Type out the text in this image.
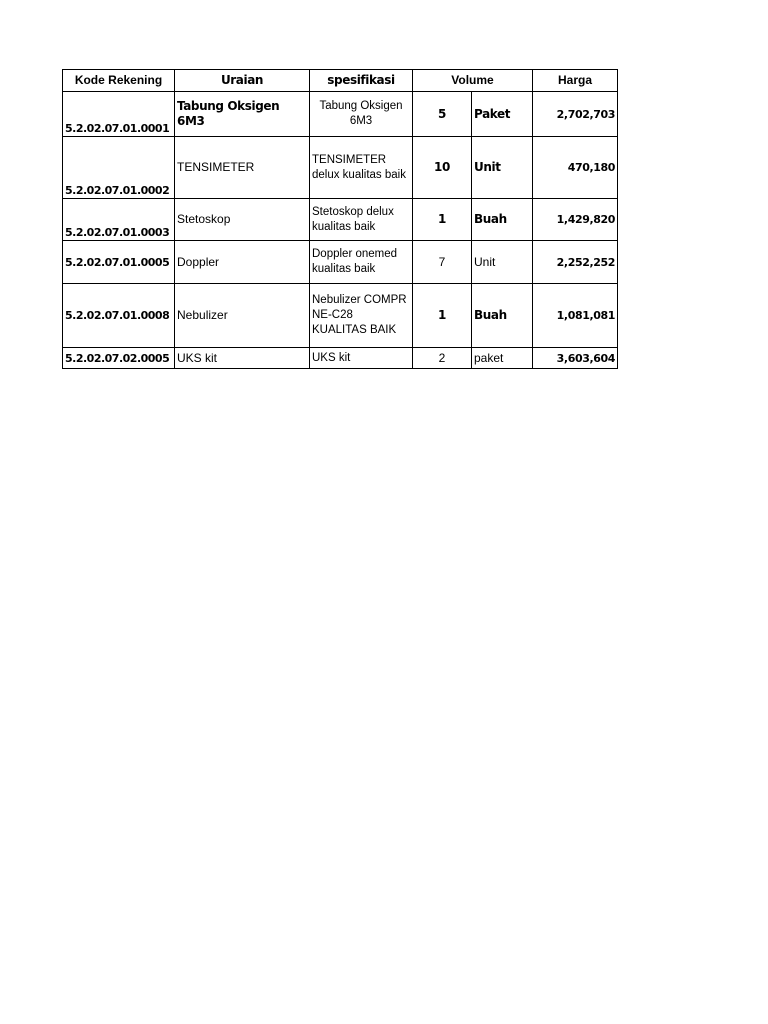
Kode Rekening	Uraian	spesifikasi	Volume		Harga
5.2.02.07.01.0001	Tabung Oksigen 6M3	Tabung Oksigen 6M3	5	Paket	2,702,703
5.2.02.07.01.0002	TENSIMETER	TENSIMETER delux kualitas baik	10	Unit	470,180
5.2.02.07.01.0003	Stetoskop	Stetoskop delux kualitas baik	1	Buah	1,429,820
5.2.02.07.01.0005	Doppler	Doppler onemed kualitas baik	7	Unit	2,252,252
5.2.02.07.01.0008	Nebulizer	Nebulizer COMPR NE-C28 KUALITAS BAIK	1	Buah	1,081,081
5.2.02.07.02.0005	UKS kit	UKS kit	2	paket	3,603,604
